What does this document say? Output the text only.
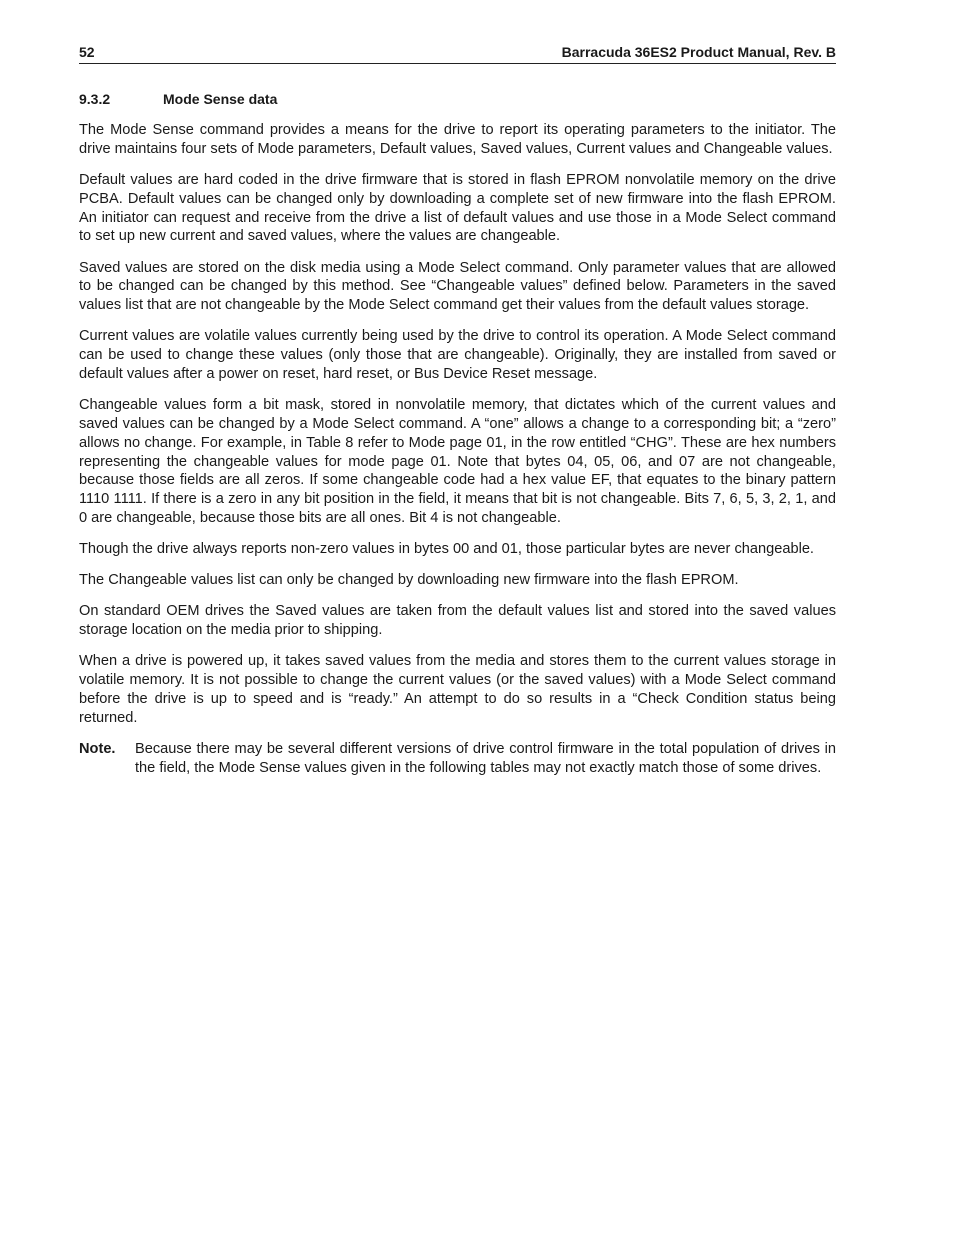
52	Barracuda 36ES2 Product Manual, Rev. B
9.3.2	Mode Sense data

The Mode Sense command provides a means for the drive to report its operating parameters to the initiator. The drive maintains four sets of Mode parameters, Default values, Saved values, Current values and Changeable values.

Default values are hard coded in the drive firmware that is stored in flash EPROM nonvolatile memory on the drive PCBA. Default values can be changed only by downloading a complete set of new firmware into the flash EPROM. An initiator can request and receive from the drive a list of default values and use those in a Mode Select command to set up new current and saved values, where the values are changeable.

Saved values are stored on the disk media using a Mode Select command. Only parameter values that are allowed to be changed can be changed by this method. See “Changeable values” defined below. Parameters in the saved values list that are not changeable by the Mode Select command get their values from the default values storage.

Current values are volatile values currently being used by the drive to control its operation. A Mode Select command can be used to change these values (only those that are changeable). Originally, they are installed from saved or default values after a power on reset, hard reset, or Bus Device Reset message.

Changeable values form a bit mask, stored in nonvolatile memory, that dictates which of the current values and saved values can be changed by a Mode Select command. A “one” allows a change to a corresponding bit; a “zero” allows no change. For example, in Table 8 refer to Mode page 01, in the row entitled “CHG”. These are hex numbers representing the changeable values for mode page 01. Note that bytes 04, 05, 06, and 07 are not changeable, because those fields are all zeros. If some changeable code had a hex value EF, that equates to the binary pattern 1110 1111. If there is a zero in any bit position in the field, it means that bit is not changeable. Bits 7, 6, 5, 3, 2, 1, and 0 are changeable, because those bits are all ones. Bit 4 is not changeable.

Though the drive always reports non-zero values in bytes 00 and 01, those particular bytes are never changeable.

The Changeable values list can only be changed by downloading new firmware into the flash EPROM.

On standard OEM drives the Saved values are taken from the default values list and stored into the saved values storage location on the media prior to shipping.

When a drive is powered up, it takes saved values from the media and stores them to the current values storage in volatile memory. It is not possible to change the current values (or the saved values) with a Mode Select command before the drive is up to speed and is “ready.” An attempt to do so results in a “Check Condition status being returned.

Note.	Because there may be several different versions of drive control firmware in the total population of drives in the field, the Mode Sense values given in the following tables may not exactly match those of some drives.
